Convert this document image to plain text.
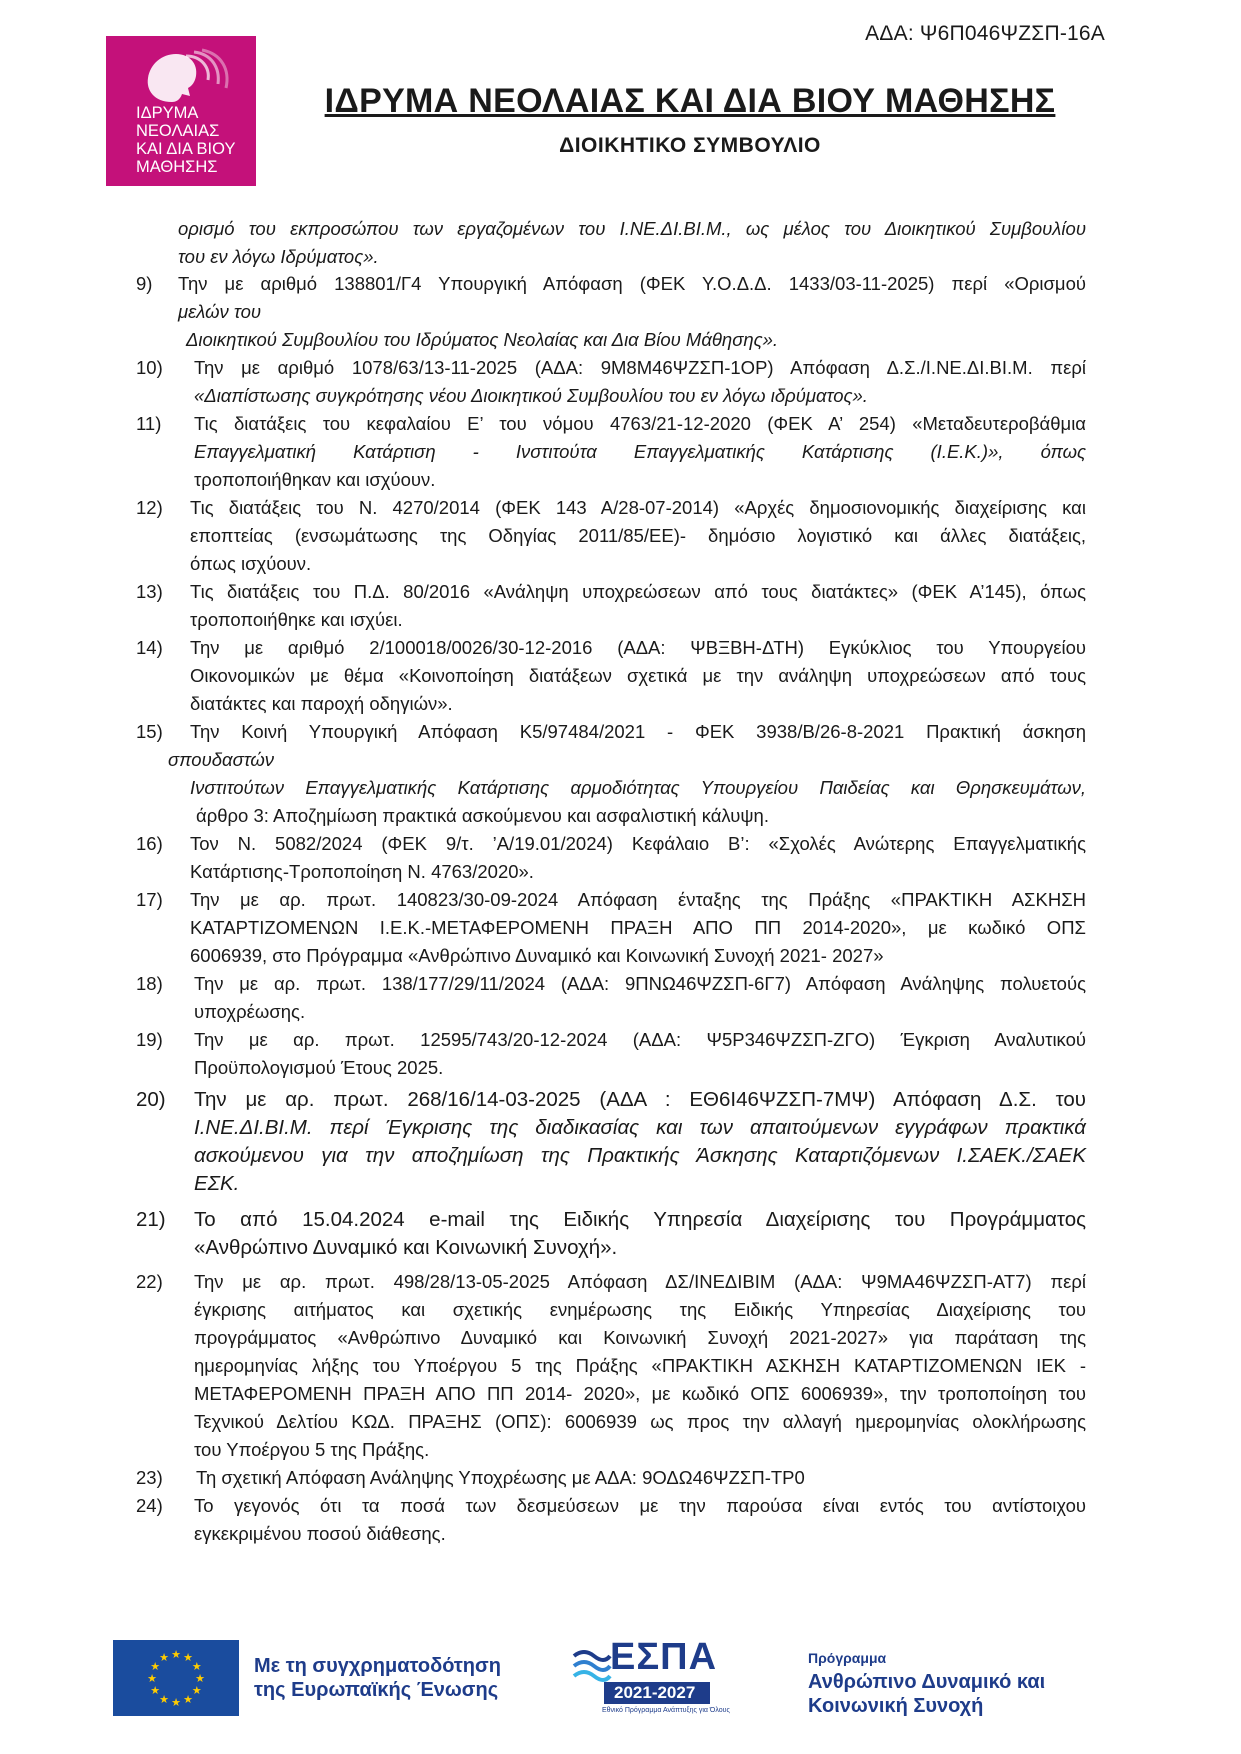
ΑΔΑ: Ψ6Π046ΨΖΣΠ-16Α
ΙΔΡΥΜΑ
ΝΕΟΛΑΙΑΣ
ΚΑΙ ΔΙΑ ΒΙΟΥ
ΜΑΘΗΣΗΣ
ΙΔΡΥΜΑ ΝΕΟΛΑΙΑΣ ΚΑΙ ΔΙΑ ΒΙΟΥ ΜΑΘΗΣΗΣ
ΔΙΟΙΚΗΤΙΚΟ ΣΥΜΒΟΥΛΙΟ
ορισμό του εκπροσώπου των εργαζομένων του Ι.ΝΕ.ΔΙ.ΒΙ.Μ., ως μέλος του Διοικητικού Συμβουλίου
του εν λόγω Ιδρύματος».
9) Την με αριθμό 138801/Γ4 Υπουργική Απόφαση (ΦΕΚ Υ.Ο.Δ.Δ. 1433/03-11-2025) περί «Ορισμού
μελών του
Διοικητικού Συμβουλίου του Ιδρύματος Νεολαίας και Δια Βίου Μάθησης».
10) Την με αριθμό 1078/63/13-11-2025 (ΑΔΑ: 9Μ8Μ46ΨΖΣΠ-1ΟΡ) Απόφαση Δ.Σ./Ι.ΝΕ.ΔΙ.ΒΙ.Μ. περί
«Διαπίστωσης συγκρότησης νέου Διοικητικού Συμβουλίου του εν λόγω ιδρύματος».
11) Τις διατάξεις του κεφαλαίου Ε’ του νόμου 4763/21-12-2020 (ΦΕΚ Α’ 254) «Μεταδευτεροβάθμια
Επαγγελματική Κατάρτιση - Ινστιτούτα Επαγγελματικής Κατάρτισης (Ι.Ε.Κ.)», όπως
τροποποιήθηκαν και ισχύουν.
12) Τις διατάξεις του Ν. 4270/2014 (ΦΕΚ 143 Α/28-07-2014) «Αρχές δημοσιονομικής διαχείρισης και
εποπτείας (ενσωμάτωσης της Οδηγίας 2011/85/ΕΕ)- δημόσιο λογιστικό και άλλες διατάξεις,
όπως ισχύουν.
13) Τις διατάξεις του Π.Δ. 80/2016 «Ανάληψη υποχρεώσεων από τους διατάκτες» (ΦΕΚ Α’145), όπως
τροποποιήθηκε και ισχύει.
14) Την με αριθμό 2/100018/0026/30-12-2016 (ΑΔΑ: ΨΒΞΒΗ-ΔΤΗ) Εγκύκλιος του Υπουργείου
Οικονομικών με θέμα «Κοινοποίηση διατάξεων σχετικά με την ανάληψη υποχρεώσεων από τους
διατάκτες και παροχή οδηγιών».
15) Την Κοινή Υπουργική Απόφαση Κ5/97484/2021 - ΦΕΚ 3938/Β/26-8-2021 Πρακτική άσκηση
σπουδαστών
Ινστιτούτων Επαγγελματικής Κατάρτισης αρμοδιότητας Υπουργείου Παιδείας και Θρησκευμάτων,
άρθρο 3: Αποζημίωση πρακτικά ασκούμενου και ασφαλιστική κάλυψη.
16) Τον Ν. 5082/2024 (ΦΕΚ 9/τ. ’Α/19.01/2024) Κεφάλαιο Β’: «Σχολές Ανώτερης Επαγγελματικής
Κατάρτισης-Τροποποίηση Ν. 4763/2020».
17) Την με αρ. πρωτ. 140823/30-09-2024 Απόφαση ένταξης της Πράξης «ΠΡΑΚΤΙΚΗ ΑΣΚΗΣΗ
ΚΑΤΑΡΤΙΖΟΜΕΝΩΝ Ι.Ε.Κ.-ΜΕΤΑΦΕΡΟΜΕΝΗ ΠΡΑΞΗ ΑΠΟ ΠΠ 2014-2020», με κωδικό ΟΠΣ
6006939, στο Πρόγραμμα «Ανθρώπινο Δυναμικό και Κοινωνική Συνοχή 2021- 2027»
18) Την με αρ. πρωτ. 138/177/29/11/2024 (ΑΔΑ: 9ΠΝΩ46ΨΖΣΠ-6Γ7) Απόφαση Ανάληψης πολυετούς
υποχρέωσης.
19) Την με αρ. πρωτ. 12595/743/20-12-2024 (ΑΔΑ: Ψ5Ρ346ΨΖΣΠ-ΖΓΟ) Έγκριση Αναλυτικού
Προϋπολογισμού Έτους 2025.
20) Την με αρ. πρωτ. 268/16/14-03-2025 (ΑΔΑ : ΕΘ6Ι46ΨΖΣΠ-7ΜΨ) Απόφαση Δ.Σ. του
Ι.ΝΕ.ΔΙ.ΒΙ.Μ. περί Έγκρισης της διαδικασίας και των απαιτούμενων εγγράφων πρακτικά
ασκούμενου για την αποζημίωση της Πρακτικής Άσκησης Καταρτιζόμενων Ι.ΣΑΕΚ./ΣΑΕΚ
ΕΣΚ.
21) Το από 15.04.2024 e-mail της Ειδικής Υπηρεσία Διαχείρισης του Προγράμματος
«Ανθρώπινο Δυναμικό και Κοινωνική Συνοχή».
22) Την με αρ. πρωτ. 498/28/13-05-2025 Απόφαση ΔΣ/ΙΝΕΔΙΒΙΜ (ΑΔΑ: Ψ9ΜΑ46ΨΖΣΠ-ΑΤ7) περί
έγκρισης αιτήματος και σχετικής ενημέρωσης της Ειδικής Υπηρεσίας Διαχείρισης του
προγράμματος «Ανθρώπινο Δυναμικό και Κοινωνική Συνοχή 2021-2027» για παράταση της
ημερομηνίας λήξης του Υποέργου 5 της Πράξης «ΠΡΑΚΤΙΚΗ ΑΣΚΗΣΗ ΚΑΤΑΡΤΙΖΟΜΕΝΩΝ ΙΕΚ -
ΜΕΤΑΦΕΡΟΜΕΝΗ ΠΡΑΞΗ ΑΠΟ ΠΠ 2014- 2020», με κωδικό ΟΠΣ 6006939», την τροποποίηση του
Τεχνικού Δελτίου ΚΩΔ. ΠΡΑΞΗΣ (ΟΠΣ): 6006939 ως προς την αλλαγή ημερομηνίας ολοκλήρωσης
του Υποέργου 5 της Πράξης.
23) Τη σχετική Απόφαση Ανάληψης Υποχρέωσης με ΑΔΑ: 9ΟΔΩ46ΨΖΣΠ-ΤΡ0
24) Το γεγονός ότι τα ποσά των δεσμεύσεων με την παρούσα είναι εντός του αντίστοιχου
εγκεκριμένου ποσού διάθεσης.
★
★
★
★
★
★
★
★
★ ★ ★
★	Με τη συγχρηματοδότηση
της Ευρωπαϊκής Ένωσης
ΕΣΠΑ
2021-2027
Εθνικό Πρόγραμμα Ανάπτυξης για Όλους
Πρόγραμμα
Ανθρώπινο Δυναμικό και
Κοινωνική Συνοχή
